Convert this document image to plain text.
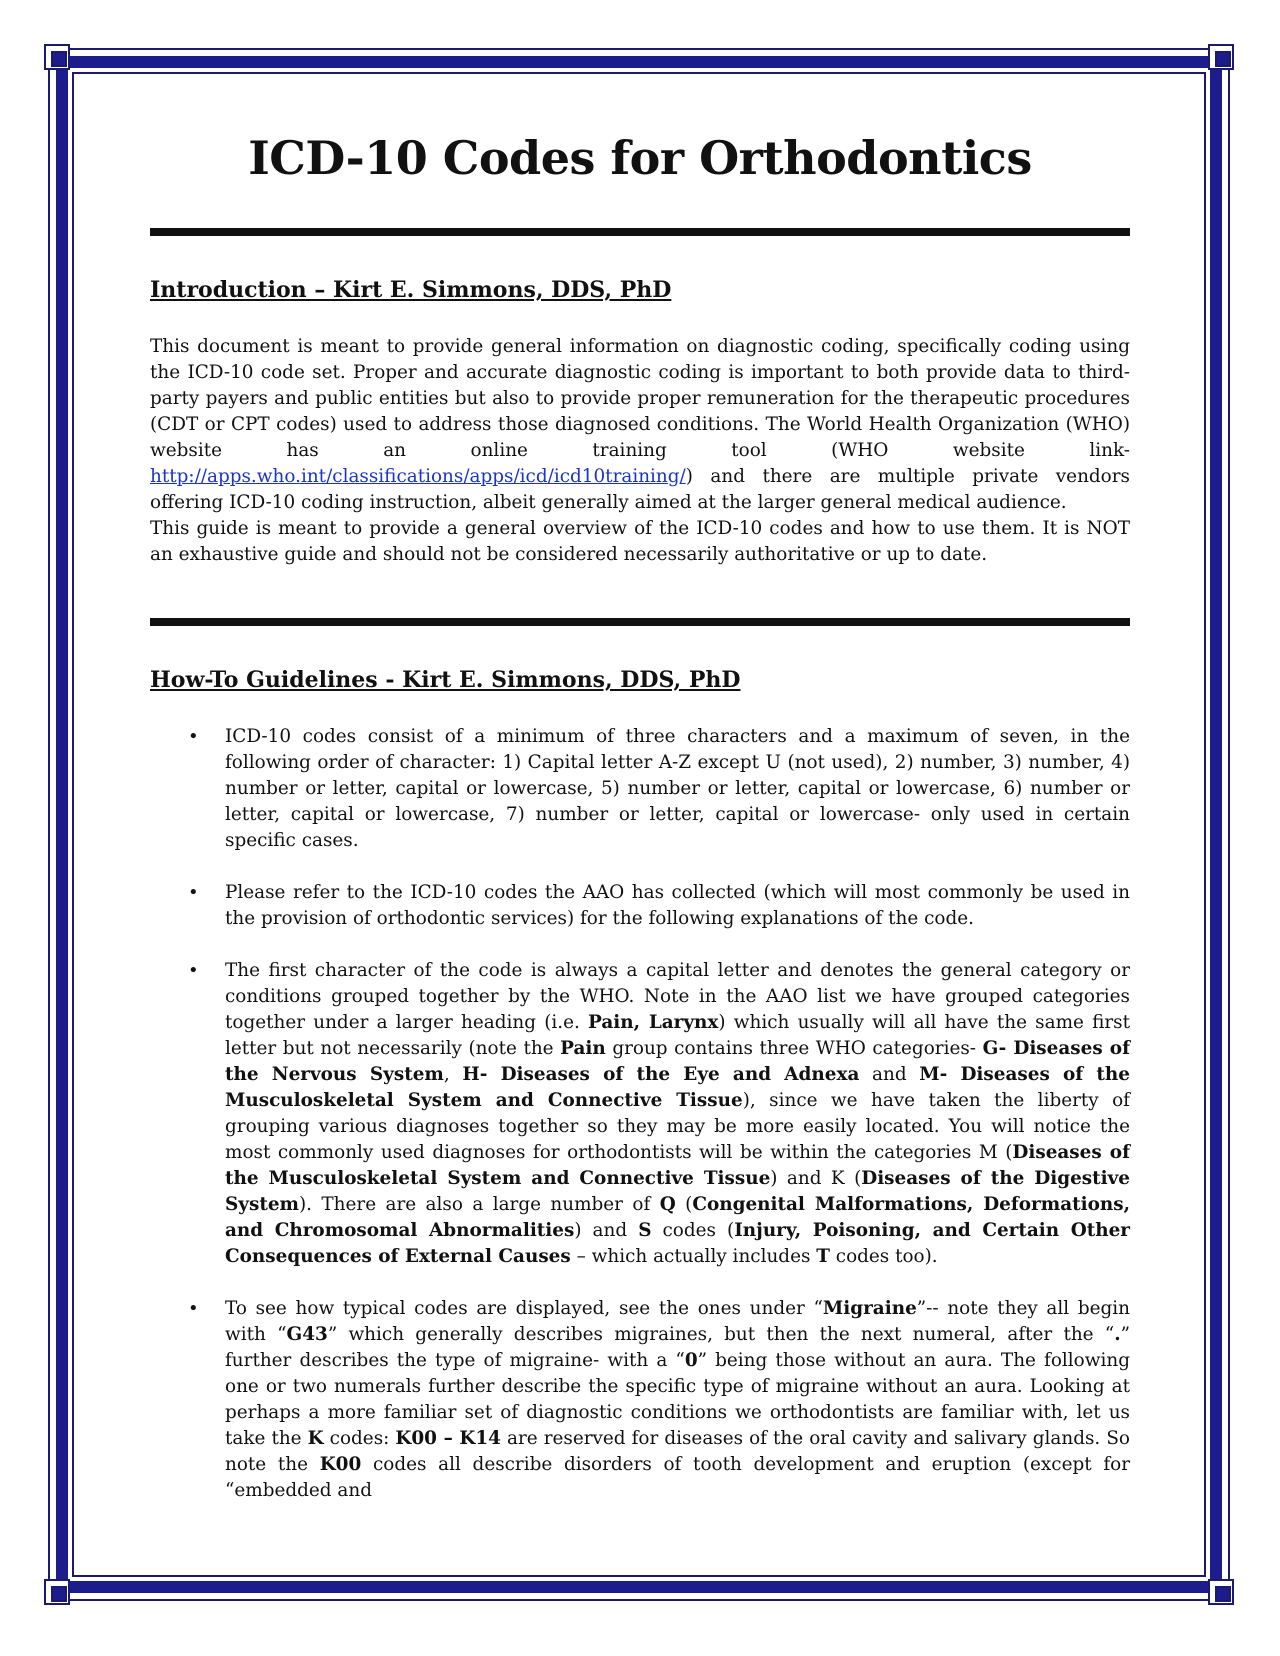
ICD-10 Codes for Orthodontics
Introduction – Kirt E. Simmons, DDS, PhD

This document is meant to provide general information on diagnostic coding, specifically coding using the ICD-10 code set. Proper and accurate diagnostic coding is important to both provide data to third-party payers and public entities but also to provide proper remuneration for the therapeutic procedures (CDT or CPT codes) used to address those diagnosed conditions. The World Health Organization (WHO) website has an online training tool (WHO website link-http://apps.who.int/classifications/apps/icd/icd10training/) and there are multiple private vendors offering ICD-10 coding instruction, albeit generally aimed at the larger general medical audience.

This guide is meant to provide a general overview of the ICD-10 codes and how to use them. It is NOT an exhaustive guide and should not be considered necessarily authoritative or up to date.

How-To Guidelines - Kirt E. Simmons, DDS, PhD
• ICD-10 codes consist of a minimum of three characters and a maximum of seven, in the following order of character: 1) Capital letter A-Z except U (not used), 2) number, 3) number, 4) number or letter, capital or lowercase, 5) number or letter, capital or lowercase, 6) number or letter, capital or lowercase, 7) number or letter, capital or lowercase- only used in certain specific cases.

• Please refer to the ICD-10 codes the AAO has collected (which will most commonly be used in the provision of orthodontic services) for the following explanations of the code.

• The first character of the code is always a capital letter and denotes the general category or conditions grouped together by the WHO. Note in the AAO list we have grouped categories together under a larger heading (i.e. Pain, Larynx) which usually will all have the same first letter but not necessarily (note the Pain group contains three WHO categories- G- Diseases of the Nervous System, H- Diseases of the Eye and Adnexa and M- Diseases of the Musculoskeletal System and Connective Tissue), since we have taken the liberty of grouping various diagnoses together so they may be more easily located. You will notice the most commonly used diagnoses for orthodontists will be within the categories M (Diseases of the Musculoskeletal System and Connective Tissue) and K (Diseases of the Digestive System). There are also a large number of Q (Congenital Malformations, Deformations, and Chromosomal Abnormalities) and S codes (Injury, Poisoning, and Certain Other Consequences of External Causes – which actually includes T codes too).

• To see how typical codes are displayed, see the ones under “Migraine”-- note they all begin with “G43” which generally describes migraines, but then the next numeral, after the “.” further describes the type of migraine- with a “0” being those without an aura. The following one or two numerals further describe the specific type of migraine without an aura. Looking at perhaps a more familiar set of diagnostic conditions we orthodontists are familiar with, let us take the K codes: K00 – K14 are reserved for diseases of the oral cavity and salivary glands. So note the K00 codes all describe disorders of tooth development and eruption (except for “embedded and
